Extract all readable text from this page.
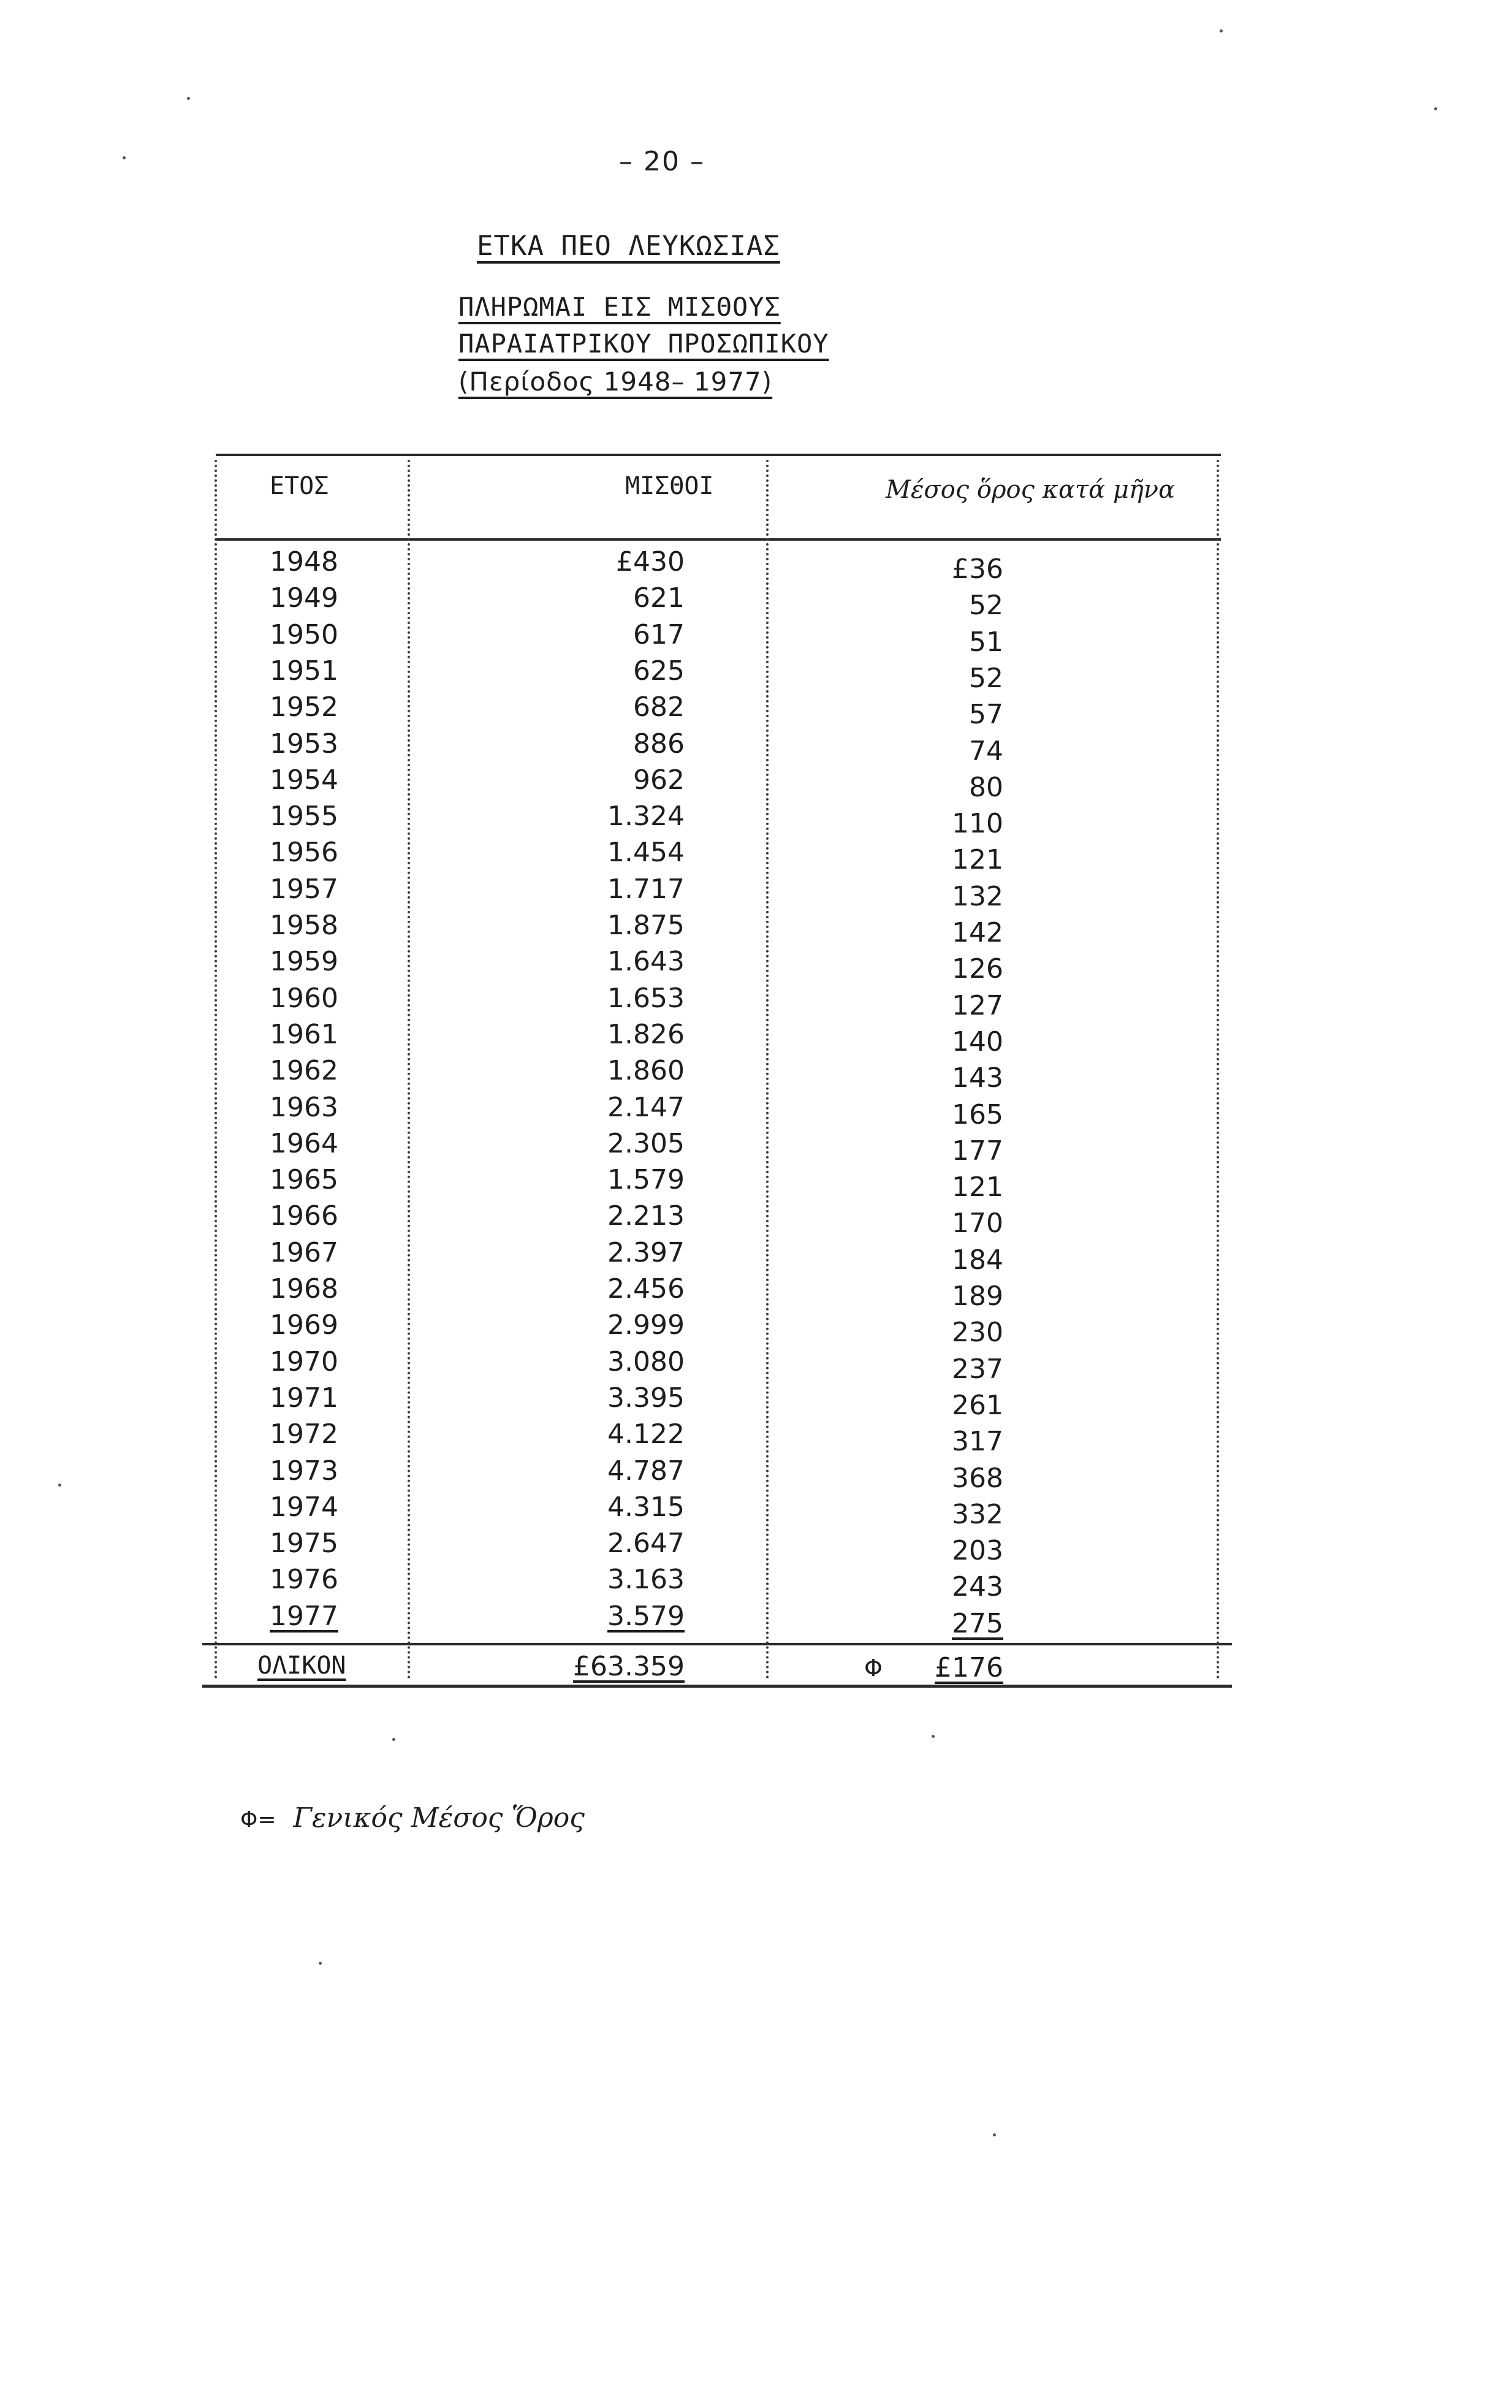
– 20 –
ΕΤΚΑ ΠΕΟ ΛΕΥΚΩΣΙΑΣ
ΠΛΗΡΩΜΑΙ ΕΙΣ ΜΙΣΘΟΥΣ
ΠΑΡΑΙΑΤΡΙΚΟΥ ΠΡΟΣΩΠΙΚΟΥ
(Περίοδος 1948– 1977)
ΕΤΟΣ	ΜΙΣΘΟΙ	Μέσος ὅρος κατά μῆνα
1948	£430	£36
1949	621	52
1950	617	51
1951	625	52
1952	682	57
1953	886	74
1954	962	80
1955	1.324	110
1956	1.454	121
1957	1.717	132
1958	1.875	142
1959	1.643	126
1960	1.653	127
1961	1.826	140
1962	1.860	143
1963	2.147	165
1964	2.305	177
1965	1.579	121
1966	2.213	170
1967	2.397	184
1968	2.456	189
1969	2.999	230
1970	3.080	237
1971	3.395	261
1972	4.122	317
1973	4.787	368
1974	4.315	332
1975	2.647	203
1976	3.163	243
1977	3.579	275
ΟΛΙΚΟΝ	£63.359	Φ £176
Φ= Γενικός Μέσος Ὅρος
